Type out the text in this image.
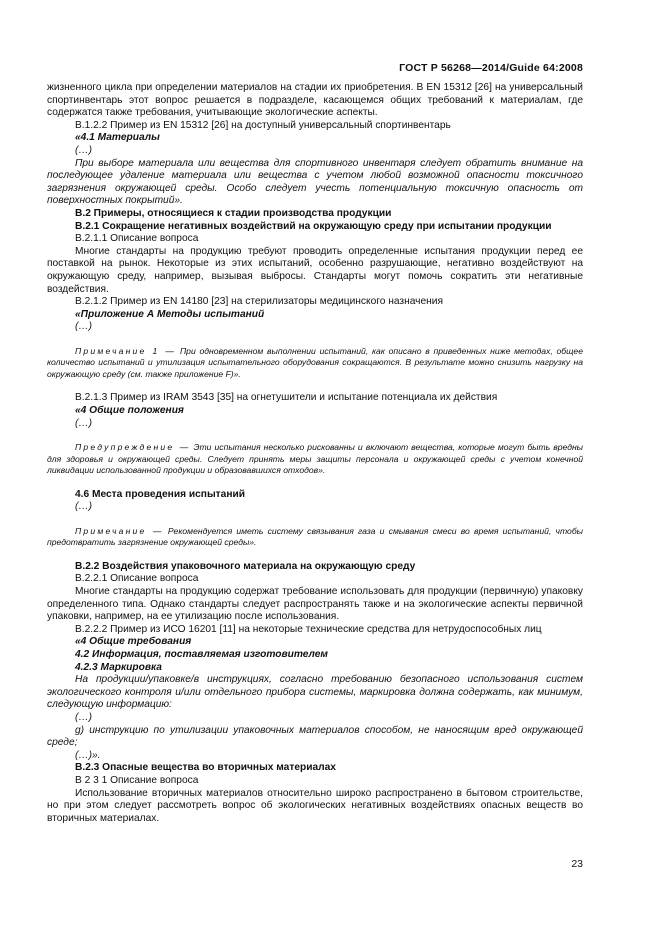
ГОСТ Р 56268—2014/Guide 64:2008

жизненного цикла при определении материалов на стадии их приобретения. В EN 15312 [26] на универсальный спортинвентарь этот вопрос решается в подразделе, касающемся общих требований к материалам, где содержатся также требования, учитывающие экологические аспекты.

B.1.2.2 Пример из EN 15312 [26] на доступный универсальный спортинвентарь

«4.1 Материалы

(…)

При выборе материала или вещества для спортивного инвентаря следует обратить внимание на последующее удаление материала или вещества с учетом любой возможной опасности токсичного загрязнения окружающей среды. Особо следует учесть потенциальную токсичную опасность от поверхностных покрытий».

B.2 Примеры, относящиеся к стадии производства продукции

B.2.1 Сокращение негативных воздействий на окружающую среду при испытании продукции

B.2.1.1 Описание вопроса

Многие стандарты на продукцию требуют проводить определенные испытания продукции перед ее поставкой на рынок. Некоторые из этих испытаний, особенно разрушающие, негативно воздействуют на окружающую среду, например, вызывая выбросы. Стандарты могут помочь сократить эти негативные воздействия.

B.2.1.2 Пример из EN 14180 [23] на стерилизаторы медицинского назначения

«Приложение А Методы испытаний

(…)

Примечание 1 — При одновременном выполнении испытаний, как описано в приведенных ниже методах, общее количество испытаний и утилизация испытательного оборудования сокращаются. В результате можно снизить нагрузку на окружающую среду (см. также приложение F)».

B.2.1.3 Пример из IRAM 3543 [35] на огнетушители и испытание потенциала их действия

«4 Общие положения

(…)

Предупреждение — Эти испытания несколько рискованны и включают вещества, которые могут быть вредны для здоровья и окружающей среды. Следует принять меры защиты персонала и окружающей среды с учетом конечной ликвидации использованной продукции и образовавшихся отходов».

4.6 Места проведения испытаний

(…)

Примечание — Рекомендуется иметь систему связывания газа и смывания смеси во время испытаний, чтобы предотвратить загрязнение окружающей среды».

B.2.2 Воздействия упаковочного материала на окружающую среду

B.2.2.1 Описание вопроса

Многие стандарты на продукцию содержат требование использовать для продукции (первичную) упаковку определенного типа. Однако стандарты следует распространять также и на экологические аспекты первичной упаковки, например, на ее утилизацию после использования.

B.2.2.2 Пример из ИСО 16201 [11] на некоторые технические средства для нетрудоспособных лиц

«4 Общие требования

4.2 Информация, поставляемая изготовителем

4.2.3 Маркировка

На продукции/упаковке/в инструкциях, согласно требованию безопасного использования систем экологического контроля и/или отдельного прибора системы, маркировка должна содержать, как минимум, следующую информацию:

(…)

g) инструкцию по утилизации упаковочных материалов способом, не наносящим вред окружающей среде;

(…)».

B.2.3 Опасные вещества во вторичных материалах

B 2 3 1 Описание вопроса

Использование вторичных материалов относительно широко распространено в бытовом строительстве, но при этом следует рассмотреть вопрос об экологических негативных воздействиях опасных веществ во вторичных материалах.

23
